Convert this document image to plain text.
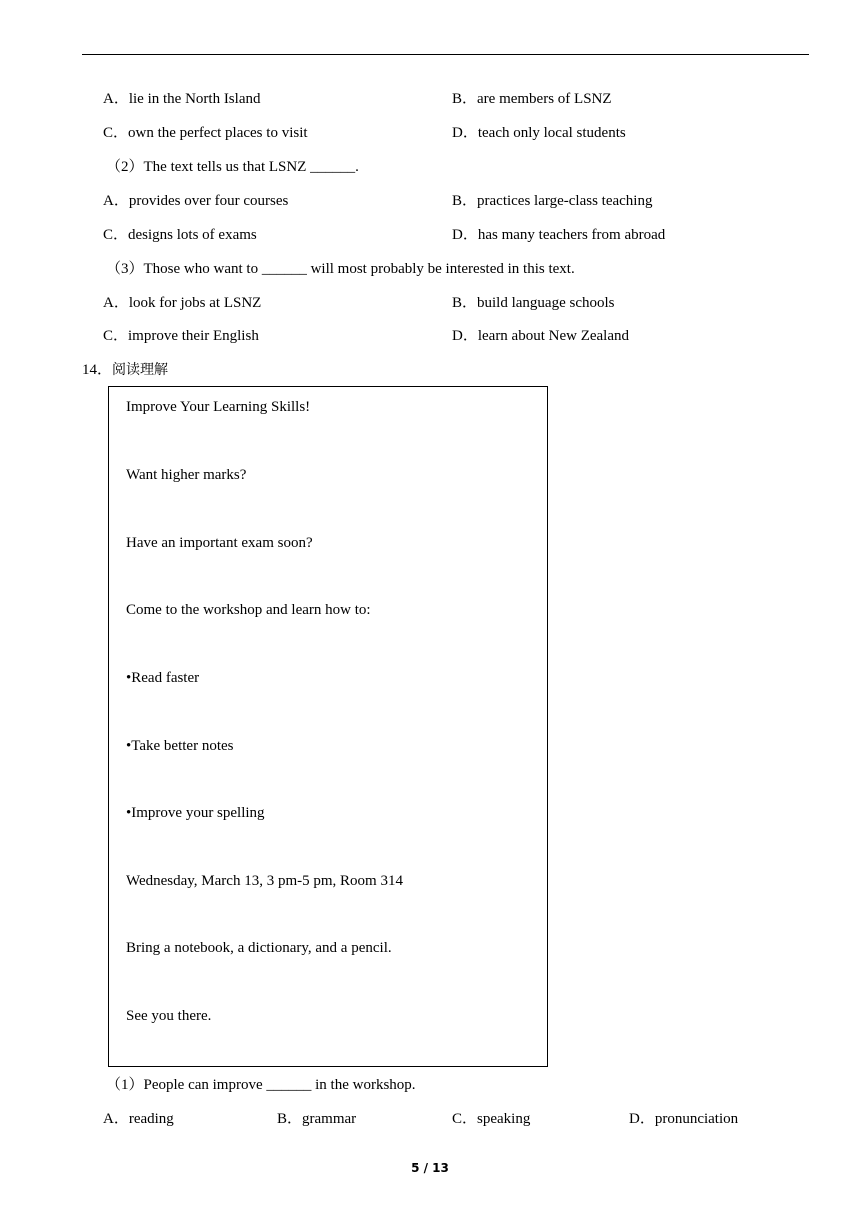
A．lie in the North Island	B．are members of LSNZ
C．own the perfect places to visit	D．teach only local students
（2）The text tells us that LSNZ ______.
A．provides over four courses	B．practices large-class teaching
C．designs lots of exams	D．has many teachers from abroad
（3）Those who want to ______ will most probably be interested in this text.
A．look for jobs at LSNZ	B．build language schools
C．improve their English	D．learn about New Zealand
14．阅读理解
Improve Your Learning Skills!
Want higher marks?
Have an important exam soon?
Come to the workshop and learn how to:
•Read faster
•Take better notes
•Improve your spelling
Wednesday, March 13, 3 pm-5 pm, Room 314
Bring a notebook, a dictionary, and a pencil.
See you there.
（1）People can improve ______ in the workshop.
A．reading	B．grammar	C．speaking	D．pronunciation
5 / 13
